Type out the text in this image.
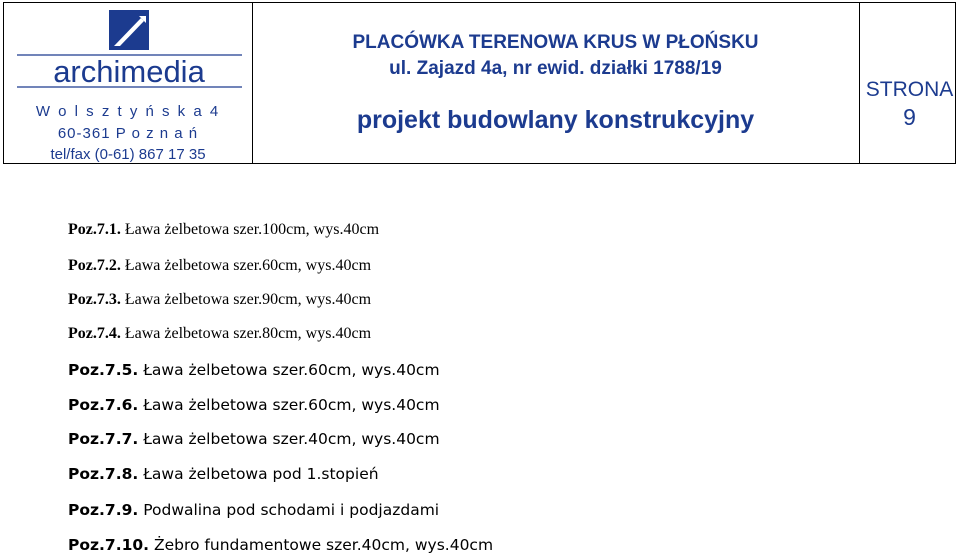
archimedia
W o l s z t y ń s k a 4
60-361 P o z n a ń
tel/fax (0-61) 867 17 35
PLACÓWKA TERENOWA KRUS W PŁOŃSKU
ul. Zajazd 4a, nr ewid. działki 1788/19
projekt budowlany konstrukcyjny
STRONA
9
Poz.7.1. Ława żelbetowa szer.100cm, wys.40cm
Poz.7.2. Ława żelbetowa szer.60cm, wys.40cm
Poz.7.3. Ława żelbetowa szer.90cm, wys.40cm
Poz.7.4. Ława żelbetowa szer.80cm, wys.40cm
Poz.7.5. Ława żelbetowa szer.60cm, wys.40cm
Poz.7.6. Ława żelbetowa szer.60cm, wys.40cm
Poz.7.7. Ława żelbetowa szer.40cm, wys.40cm
Poz.7.8. Ława żelbetowa pod 1.stopień
Poz.7.9. Podwalina pod schodami i podjazdami
Poz.7.10. Żebro fundamentowe szer.40cm, wys.40cm
